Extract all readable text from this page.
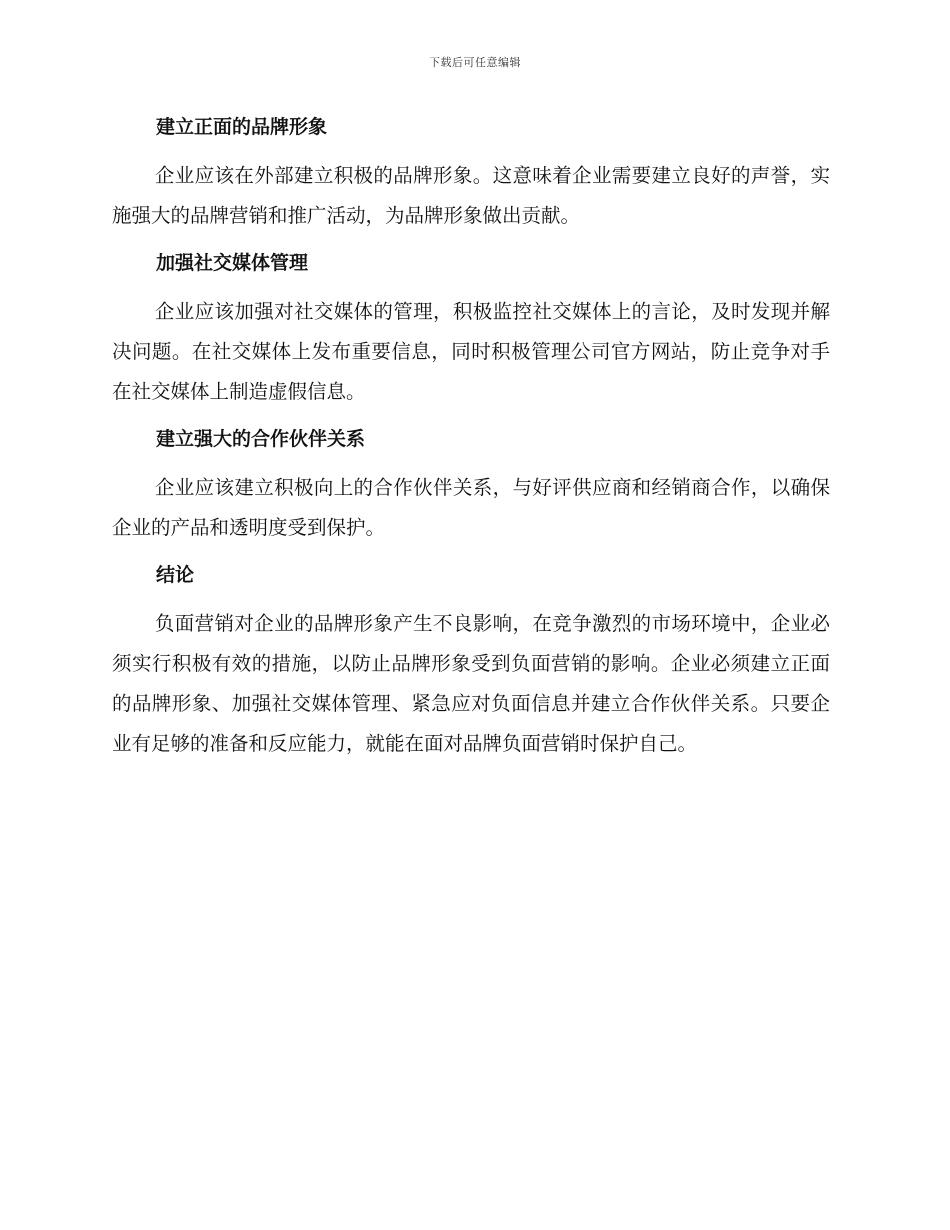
下载后可任意编辑
建立正面的品牌形象

企业应该在外部建立积极的品牌形象。这意味着企业需要建立良好的声誉，实施强大的品牌营销和推广活动，为品牌形象做出贡献。

加强社交媒体管理

企业应该加强对社交媒体的管理，积极监控社交媒体上的言论，及时发现并解决问题。在社交媒体上发布重要信息，同时积极管理公司官方网站，防止竞争对手在社交媒体上制造虚假信息。

建立强大的合作伙伴关系

企业应该建立积极向上的合作伙伴关系，与好评供应商和经销商合作，以确保企业的产品和透明度受到保护。

结论

负面营销对企业的品牌形象产生不良影响，在竞争激烈的市场环境中，企业必须实行积极有效的措施，以防止品牌形象受到负面营销的影响。企业必须建立正面的品牌形象、加强社交媒体管理、紧急应对负面信息并建立合作伙伴关系。只要企业有足够的准备和反应能力，就能在面对品牌负面营销时保护自己。
